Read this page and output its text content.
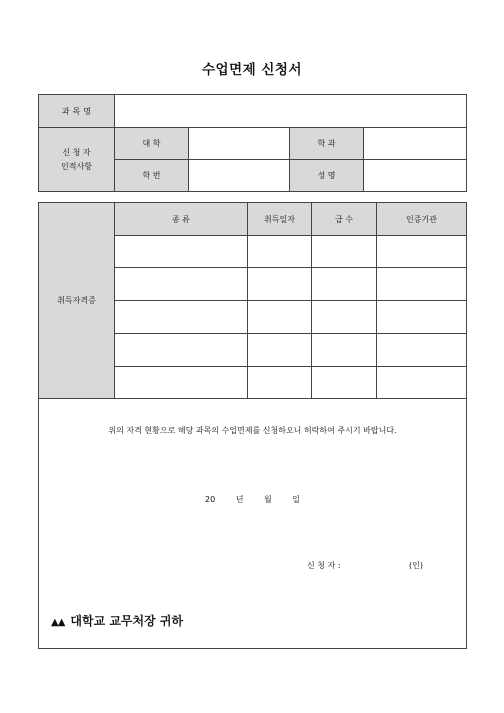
수업면제 신청서
과 목 명				

신 청 자
인적사항	대 학		학 과	
	학 번		성 명	
취득자격증	종 류	취득일자	급 수	인증기관

위의 자격 현황으로 해당 과목의 수업면제를 신청하오니 허락하여 주시기 바랍니다.
20 년 월 일
신 청 자 : (인)
▲▲ 대학교 교무처장 귀하				
